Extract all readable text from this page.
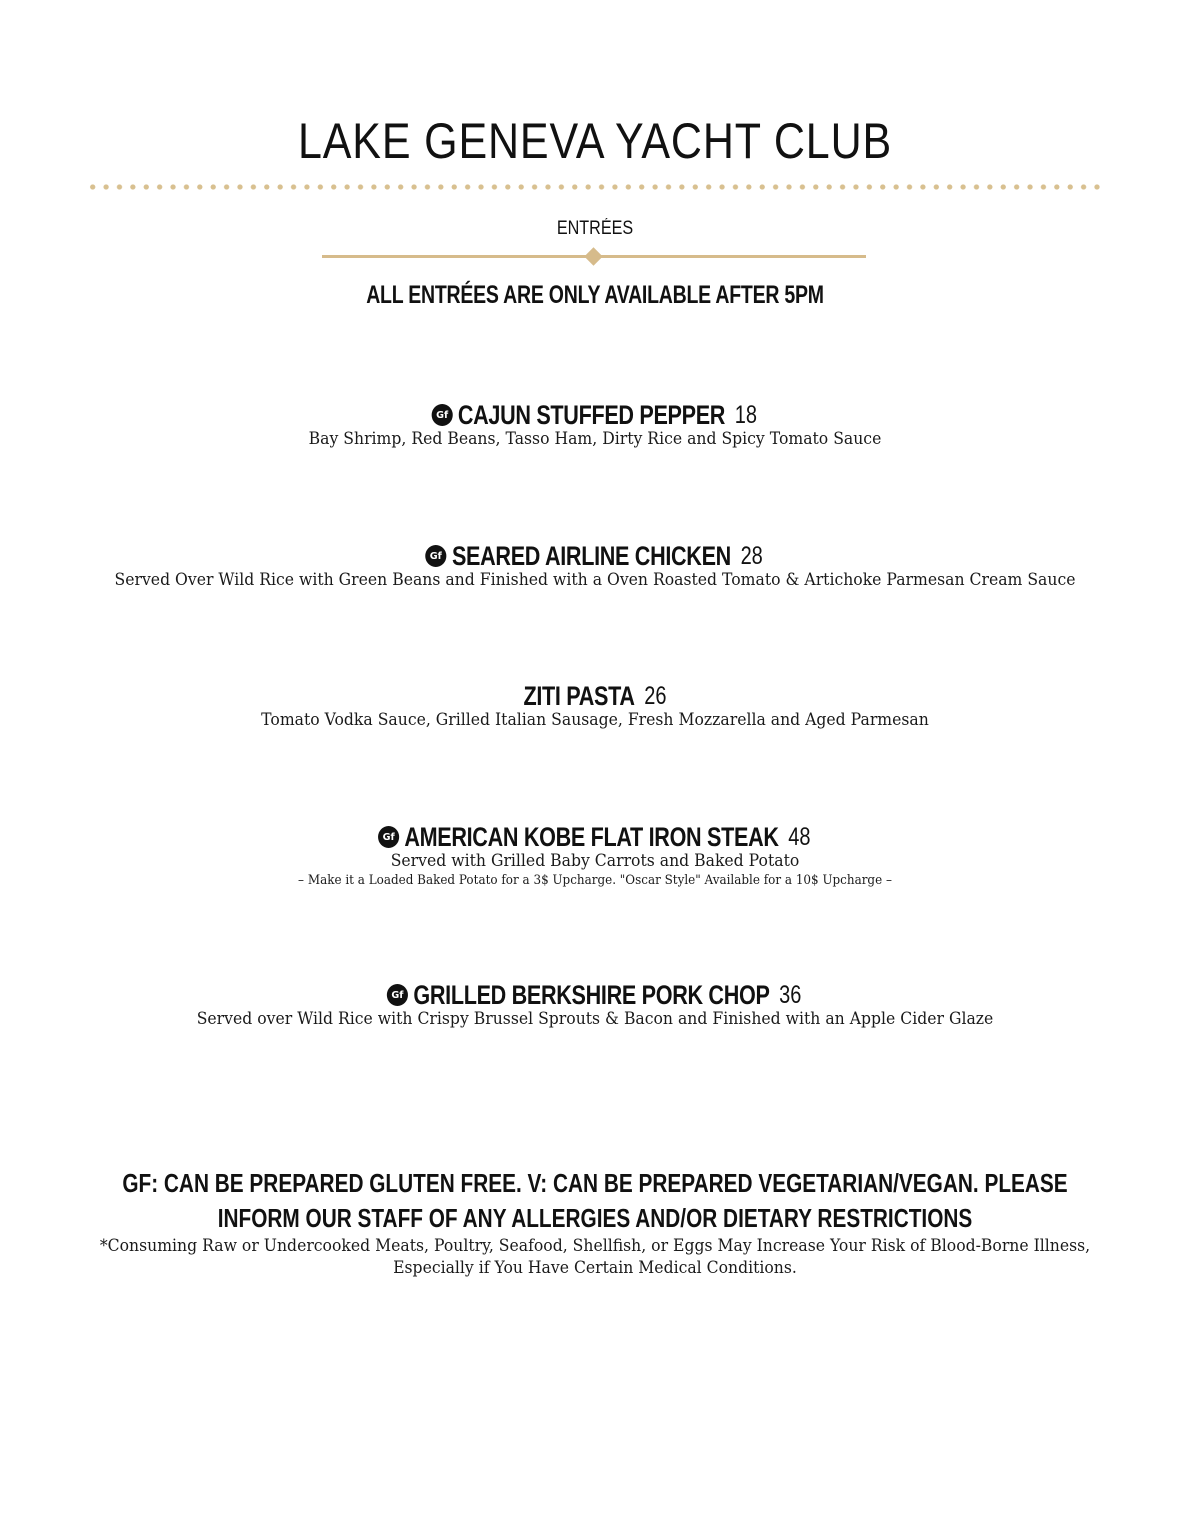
LAKE GENEVA YACHT CLUB
ENTRÉES
ALL ENTRÉES ARE ONLY AVAILABLE AFTER 5PM
Gf CAJUN STUFFED PEPPER 18
Bay Shrimp, Red Beans, Tasso Ham, Dirty Rice and Spicy Tomato Sauce
Gf SEARED AIRLINE CHICKEN 28
Served Over Wild Rice with Green Beans and Finished with a Oven Roasted Tomato & Artichoke Parmesan Cream Sauce
ZITI PASTA 26
Tomato Vodka Sauce, Grilled Italian Sausage, Fresh Mozzarella and Aged Parmesan
Gf AMERICAN KOBE FLAT IRON STEAK 48
Served with Grilled Baby Carrots and Baked Potato
– Make it a Loaded Baked Potato for a 3$ Upcharge. "Oscar Style" Available for a 10$ Upcharge –
Gf GRILLED BERKSHIRE PORK CHOP 36
Served over Wild Rice with Crispy Brussel Sprouts & Bacon and Finished with an Apple Cider Glaze
GF: CAN BE PREPARED GLUTEN FREE. V: CAN BE PREPARED VEGETARIAN/VEGAN. PLEASE INFORM OUR STAFF OF ANY ALLERGIES AND/OR DIETARY RESTRICTIONS
*Consuming Raw or Undercooked Meats, Poultry, Seafood, Shellfish, or Eggs May Increase Your Risk of Blood-Borne Illness, Especially if You Have Certain Medical Conditions.
